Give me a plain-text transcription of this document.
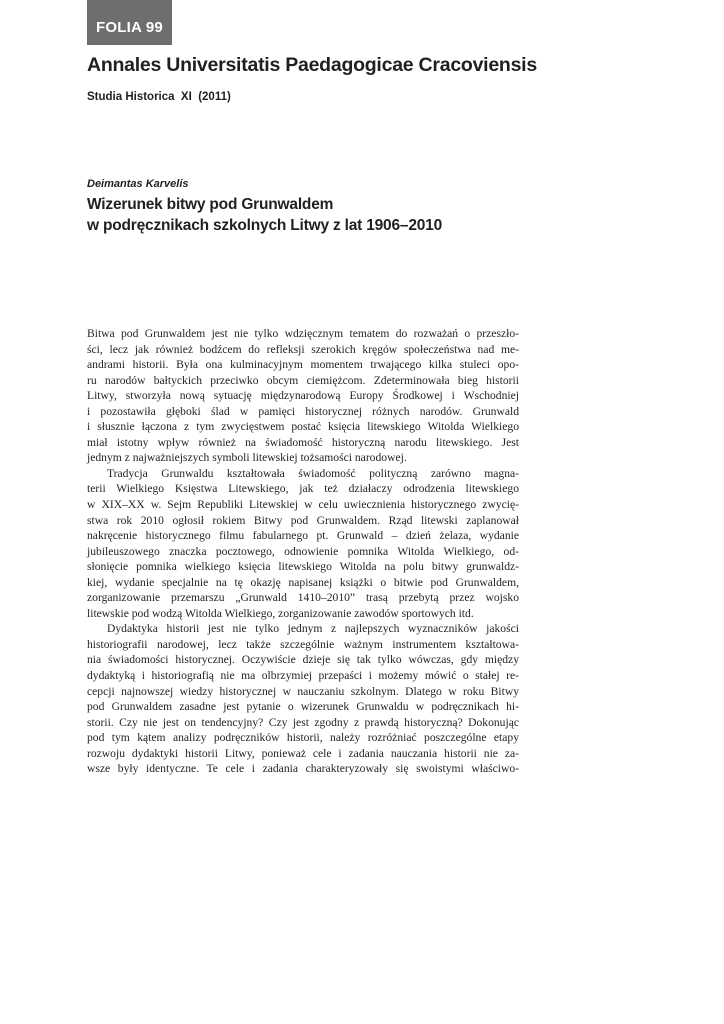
FOLIA 99
Annales Universitatis Paedagogicae Cracoviensis
Studia Historica  XI  (2011)
Deimantas Karvelis
Wizerunek bitwy pod Grunwaldem
w podręcznikach szkolnych Litwy z lat 1906–2010
Bitwa pod Grunwaldem jest nie tylko wdzięcznym tematem do rozważań o przeszło-
ści, lecz jak również bodźcem do refleksji szerokich kręgów społeczeństwa nad me-
andrami historii. Była ona kulminacyjnym momentem trwającego kilka stuleci opo-
ru narodów bałtyckich przeciwko obcym ciemiężcom. Zdeterminowała bieg historii
Litwy, stworzyła nową sytuację międzynarodową Europy Środkowej i Wschodniej
i pozostawiła głęboki ślad w pamięci historycznej różnych narodów. Grunwald
i słusznie łączona z tym zwycięstwem postać księcia litewskiego Witolda Wielkiego
miał istotny wpływ również na świadomość historyczną narodu litewskiego. Jest
jednym z najważniejszych symboli litewskiej tożsamości narodowej.
Tradycja Grunwaldu kształtowała świadomość polityczną zarówno magna-
terii Wielkiego Księstwa Litewskiego, jak też działaczy odrodzenia litewskiego
w XIX–XX w. Sejm Republiki Litewskiej w celu uwiecznienia historycznego zwycię-
stwa rok 2010 ogłosił rokiem Bitwy pod Grunwaldem. Rząd litewski zaplanował
nakręcenie historycznego filmu fabularnego pt. Grunwald – dzień żelaza, wydanie
jubileuszowego znaczka pocztowego, odnowienie pomnika Witolda Wielkiego, od-
słonięcie pomnika wielkiego księcia litewskiego Witolda na polu bitwy grunwaldz-
kiej, wydanie specjalnie na tę okazję napisanej książki o bitwie pod Grunwaldem,
zorganizowanie przemarszu „Grunwald 1410–2010” trasą przebytą przez wojsko
litewskie pod wodzą Witolda Wielkiego, zorganizowanie zawodów sportowych itd.
Dydaktyka historii jest nie tylko jednym z najlepszych wyznaczników jakości
historiografii narodowej, lecz także szczególnie ważnym instrumentem kształtowa-
nia świadomości historycznej. Oczywiście dzieje się tak tylko wówczas, gdy między
dydaktyką i historiografią nie ma olbrzymiej przepaści i możemy mówić o stałej re-
cepcji najnowszej wiedzy historycznej w nauczaniu szkolnym. Dlatego w roku Bitwy
pod Grunwaldem zasadne jest pytanie o wizerunek Grunwaldu w podręcznikach hi-
storii. Czy nie jest on tendencyjny? Czy jest zgodny z prawdą historyczną? Dokonując
pod tym kątem analizy podręczników historii, należy rozróżniać poszczególne etapy
rozwoju dydaktyki historii Litwy, ponieważ cele i zadania nauczania historii nie za-
wsze były identyczne. Te cele i zadania charakteryzowały się swoistymi właściwo-
